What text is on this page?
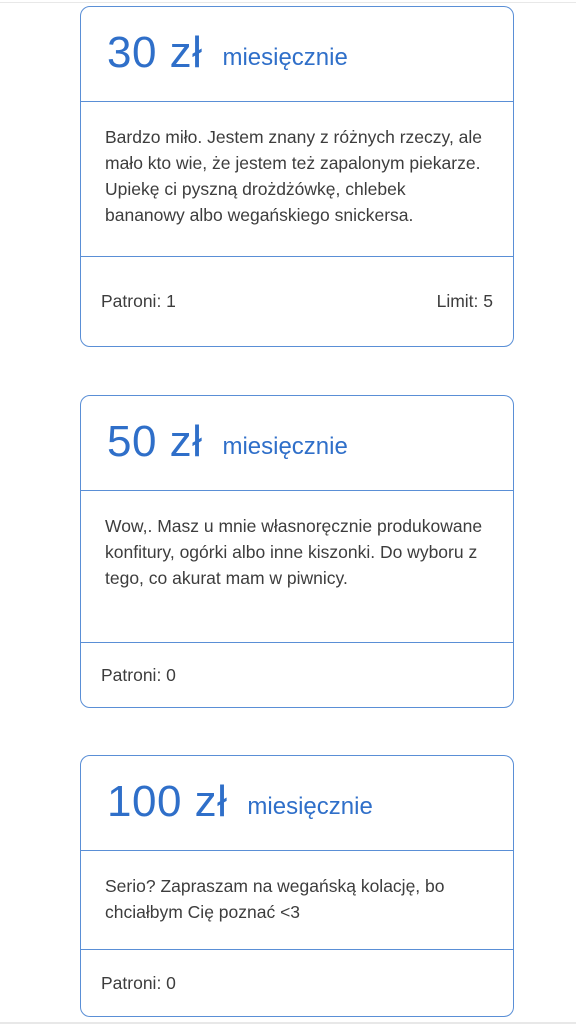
30 zł miesięcznie
Bardzo miło. Jestem znany z różnych rzeczy, ale mało kto wie, że jestem też zapalonym piekarze. Upiekę ci pyszną drożdżówkę, chlebek bananowy albo wegańskiego snickersa.
Patroni: 1	Limit: 5
50 zł miesięcznie
Wow,. Masz u mnie własnoręcznie produkowane konfitury, ogórki albo inne kiszonki. Do wyboru z tego, co akurat mam w piwnicy.
Patroni: 0
100 zł miesięcznie
Serio? Zapraszam na wegańską kolację, bo chciałbym Cię poznać <3
Patroni: 0
